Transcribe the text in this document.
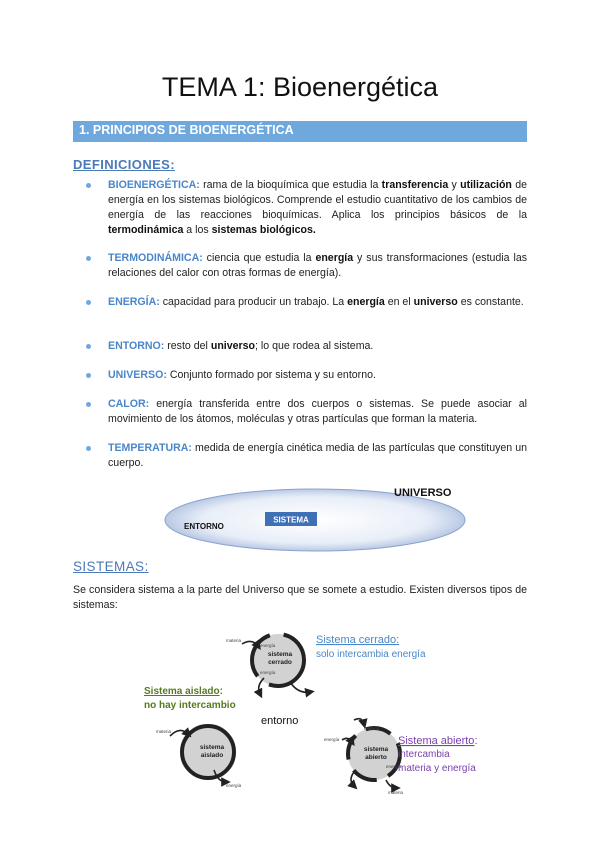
TEMA 1: Bioenergética
1. PRINCIPIOS DE BIOENERGÉTICA
DEFINICIONES:
BIOENERGÉTICA: rama de la bioquímica que estudia la transferencia y utilización de energía en los sistemas biológicos. Comprende el estudio cuantitativo de los cambios de energía de las reacciones bioquímicas. Aplica los principios básicos de la termodinámica a los sistemas biológicos.
TERMODINÁMICA: ciencia que estudia la energía y sus transformaciones (estudia las relaciones del calor con otras formas de energía).
ENERGÍA: capacidad para producir un trabajo. La energía en el universo es constante.
ENTORNO: resto del universo; lo que rodea al sistema.
UNIVERSO: Conjunto formado por sistema y su entorno.
CALOR: energía transferida entre dos cuerpos o sistemas. Se puede asociar al movimiento de los átomos, moléculas y otras partículas que forman la materia.
TEMPERATURA: medida de energía cinética media de las partículas que constituyen un cuerpo.
SISTEMA
ENTORNO
UNIVERSO
SISTEMAS:
Se considera sistema a la parte del Universo que se somete a estudio. Existen diversos tipos de sistemas:
sistema
cerrado
materia
energía
energía
Sistema cerrado:
solo intercambia energía
Sistema aislado:
no hay intercambio
sistema
aislado
materia
energía
entorno
sistema
abierto
energía
materia
energía
materia
Sistema abierto:
intercambia
materia y energía
